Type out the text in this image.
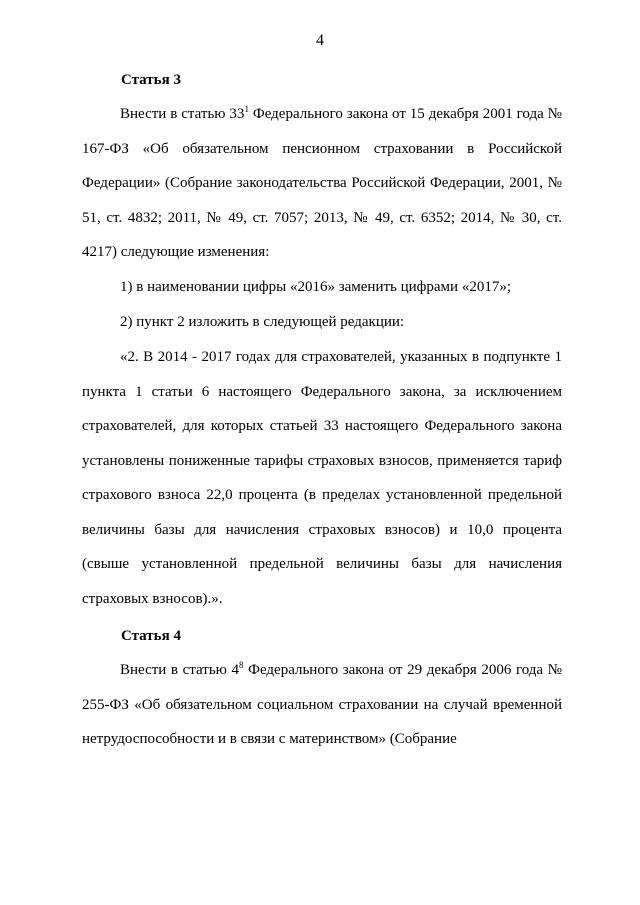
4
Статья 3

Внести в статью $33^1$ Федерального закона от 15 декабря 2001 года № 167-ФЗ «Об обязательном пенсионном страховании в Российской Федерации» (Собрание законодательства Российской Федерации, 2001, № 51, ст. 4832; 2011, № 49, ст. 7057; 2013, № 49, ст. 6352; 2014, № 30, ст. 4217) следующие изменения:

1) в наименовании цифры «2016» заменить цифрами «2017»;

2) пункт 2 изложить в следующей редакции:

«2. В 2014 - 2017 годах для страхователей, указанных в подпункте 1 пункта 1 статьи 6 настоящего Федерального закона, за исключением страхователей, для которых статьей 33 настоящего Федерального закона установлены пониженные тарифы страховых взносов, применяется тариф страхового взноса 22,0 процента (в пределах установленной предельной величины базы для начисления страховых взносов) и 10,0 процента (свыше установленной предельной величины базы для начисления страховых взносов).».

Статья 4

Внести в статью $4^8$ Федерального закона от 29 декабря 2006 года № 255-ФЗ «Об обязательном социальном страховании на случай временной нетрудоспособности и в связи с материнством» (Собрание
